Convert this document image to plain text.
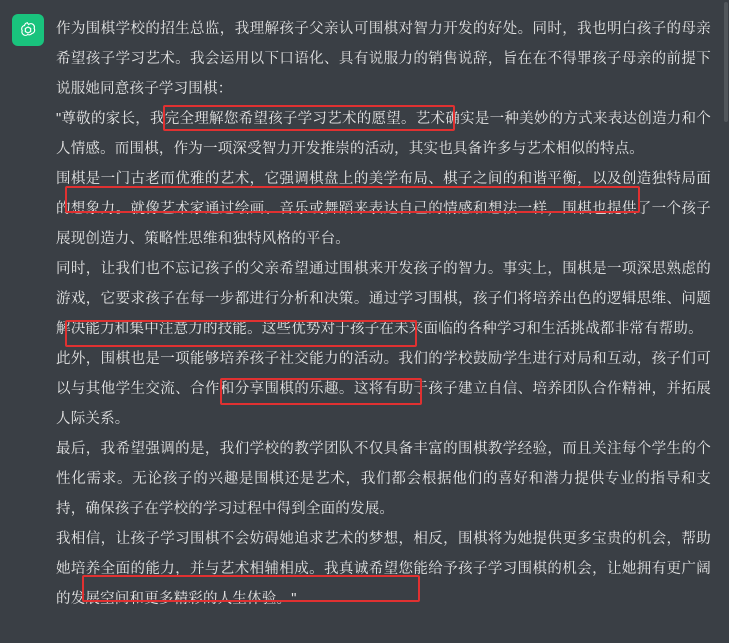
作为围棋学校的招生总监，我理解孩子父亲认可围棋对智力开发的好处。同时，我也明白孩子的母亲希望孩子学习艺术。我会运用以下口语化、具有说服力的销售说辞，旨在在不得罪孩子母亲的前提下说服她同意孩子学习围棋：

"尊敬的家长，我完全理解您希望孩子学习艺术的愿望。艺术确实是一种美妙的方式来表达创造力和个人情感。而围棋，作为一项深受智力开发推崇的活动，其实也具备许多与艺术相似的特点。

围棋是一门古老而优雅的艺术，它强调棋盘上的美学布局、棋子之间的和谐平衡，以及创造独特局面的想象力。就像艺术家通过绘画、音乐或舞蹈来表达自己的情感和想法一样，围棋也提供了一个孩子展现创造力、策略性思维和独特风格的平台。

同时，让我们也不忘记孩子的父亲希望通过围棋来开发孩子的智力。事实上，围棋是一项深思熟虑的游戏，它要求孩子在每一步都进行分析和决策。通过学习围棋，孩子们将培养出色的逻辑思维、问题解决能力和集中注意力的技能。这些优势对于孩子在未来面临的各种学习和生活挑战都非常有帮助。

此外，围棋也是一项能够培养孩子社交能力的活动。我们的学校鼓励学生进行对局和互动，孩子们可以与其他学生交流、合作和分享围棋的乐趣。这将有助于孩子建立自信、培养团队合作精神，并拓展人际关系。

最后，我希望强调的是，我们学校的教学团队不仅具备丰富的围棋教学经验，而且关注每个学生的个性化需求。无论孩子的兴趣是围棋还是艺术，我们都会根据他们的喜好和潜力提供专业的指导和支持，确保孩子在学校的学习过程中得到全面的发展。

我相信，让孩子学习围棋不会妨碍她追求艺术的梦想，相反，围棋将为她提供更多宝贵的机会，帮助她培养全面的能力，并与艺术相辅相成。我真诚希望您能给予孩子学习围棋的机会，让她拥有更广阔的发展空间和更多精彩的人生体验。"
